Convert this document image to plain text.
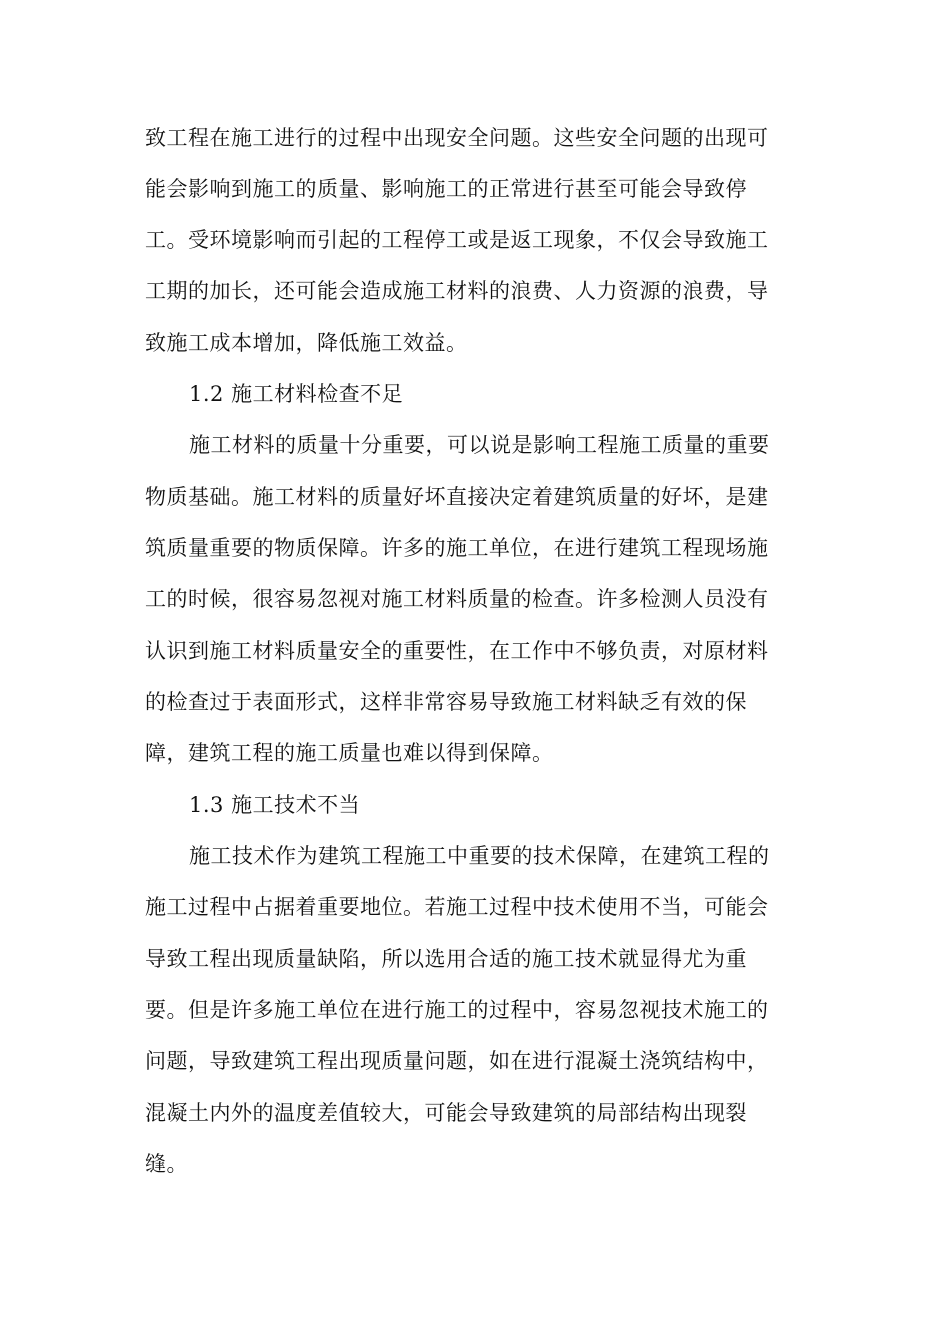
致工程在施工进行的过程中出现安全问题。这些安全问题的出现可
能会影响到施工的质量、影响施工的正常进行甚至可能会导致停
工。受环境影响而引起的工程停工或是返工现象，不仅会导致施工
工期的加长，还可能会造成施工材料的浪费、人力资源的浪费，导
致施工成本增加，降低施工效益。
1.2 施工材料检查不足
施工材料的质量十分重要，可以说是影响工程施工质量的重要
物质基础。施工材料的质量好坏直接决定着建筑质量的好坏，是建
筑质量重要的物质保障。许多的施工单位，在进行建筑工程现场施
工的时候，很容易忽视对施工材料质量的检查。许多检测人员没有
认识到施工材料质量安全的重要性，在工作中不够负责，对原材料
的检查过于表面形式，这样非常容易导致施工材料缺乏有效的保
障，建筑工程的施工质量也难以得到保障。
1.3 施工技术不当
施工技术作为建筑工程施工中重要的技术保障，在建筑工程的
施工过程中占据着重要地位。若施工过程中技术使用不当，可能会
导致工程出现质量缺陷，所以选用合适的施工技术就显得尤为重
要。但是许多施工单位在进行施工的过程中，容易忽视技术施工的
问题，导致建筑工程出现质量问题，如在进行混凝土浇筑结构中，
混凝土内外的温度差值较大，可能会导致建筑的局部结构出现裂
缝。
